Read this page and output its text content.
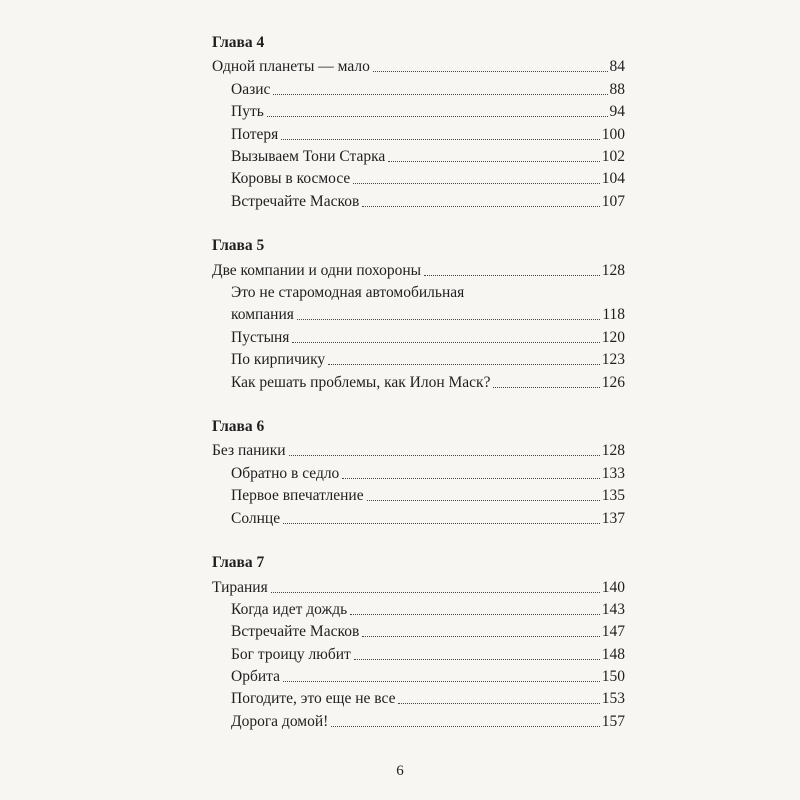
Глава 4
Одной планеты — мало	84
Оазис	88
Путь	94
Потеря	100
Вызываем Тони Старка	102
Коровы в космосе	104
Встречайте Масков	107
Глава 5
Две компании и одни похороны	128
Это не старомодная автомобильная
компания	118
Пустыня	120
По кирпичику	123
Как решать проблемы, как Илон Маск?	126
Глава 6
Без паники	128
Обратно в седло	133
Первое впечатление	135
Солнце	137
Глава 7
Тирания	140
Когда идет дождь	143
Встречайте Масков	147
Бог троицу любит	148
Орбита	150
Погодите, это еще не все	153
Дорога домой!	157
6
